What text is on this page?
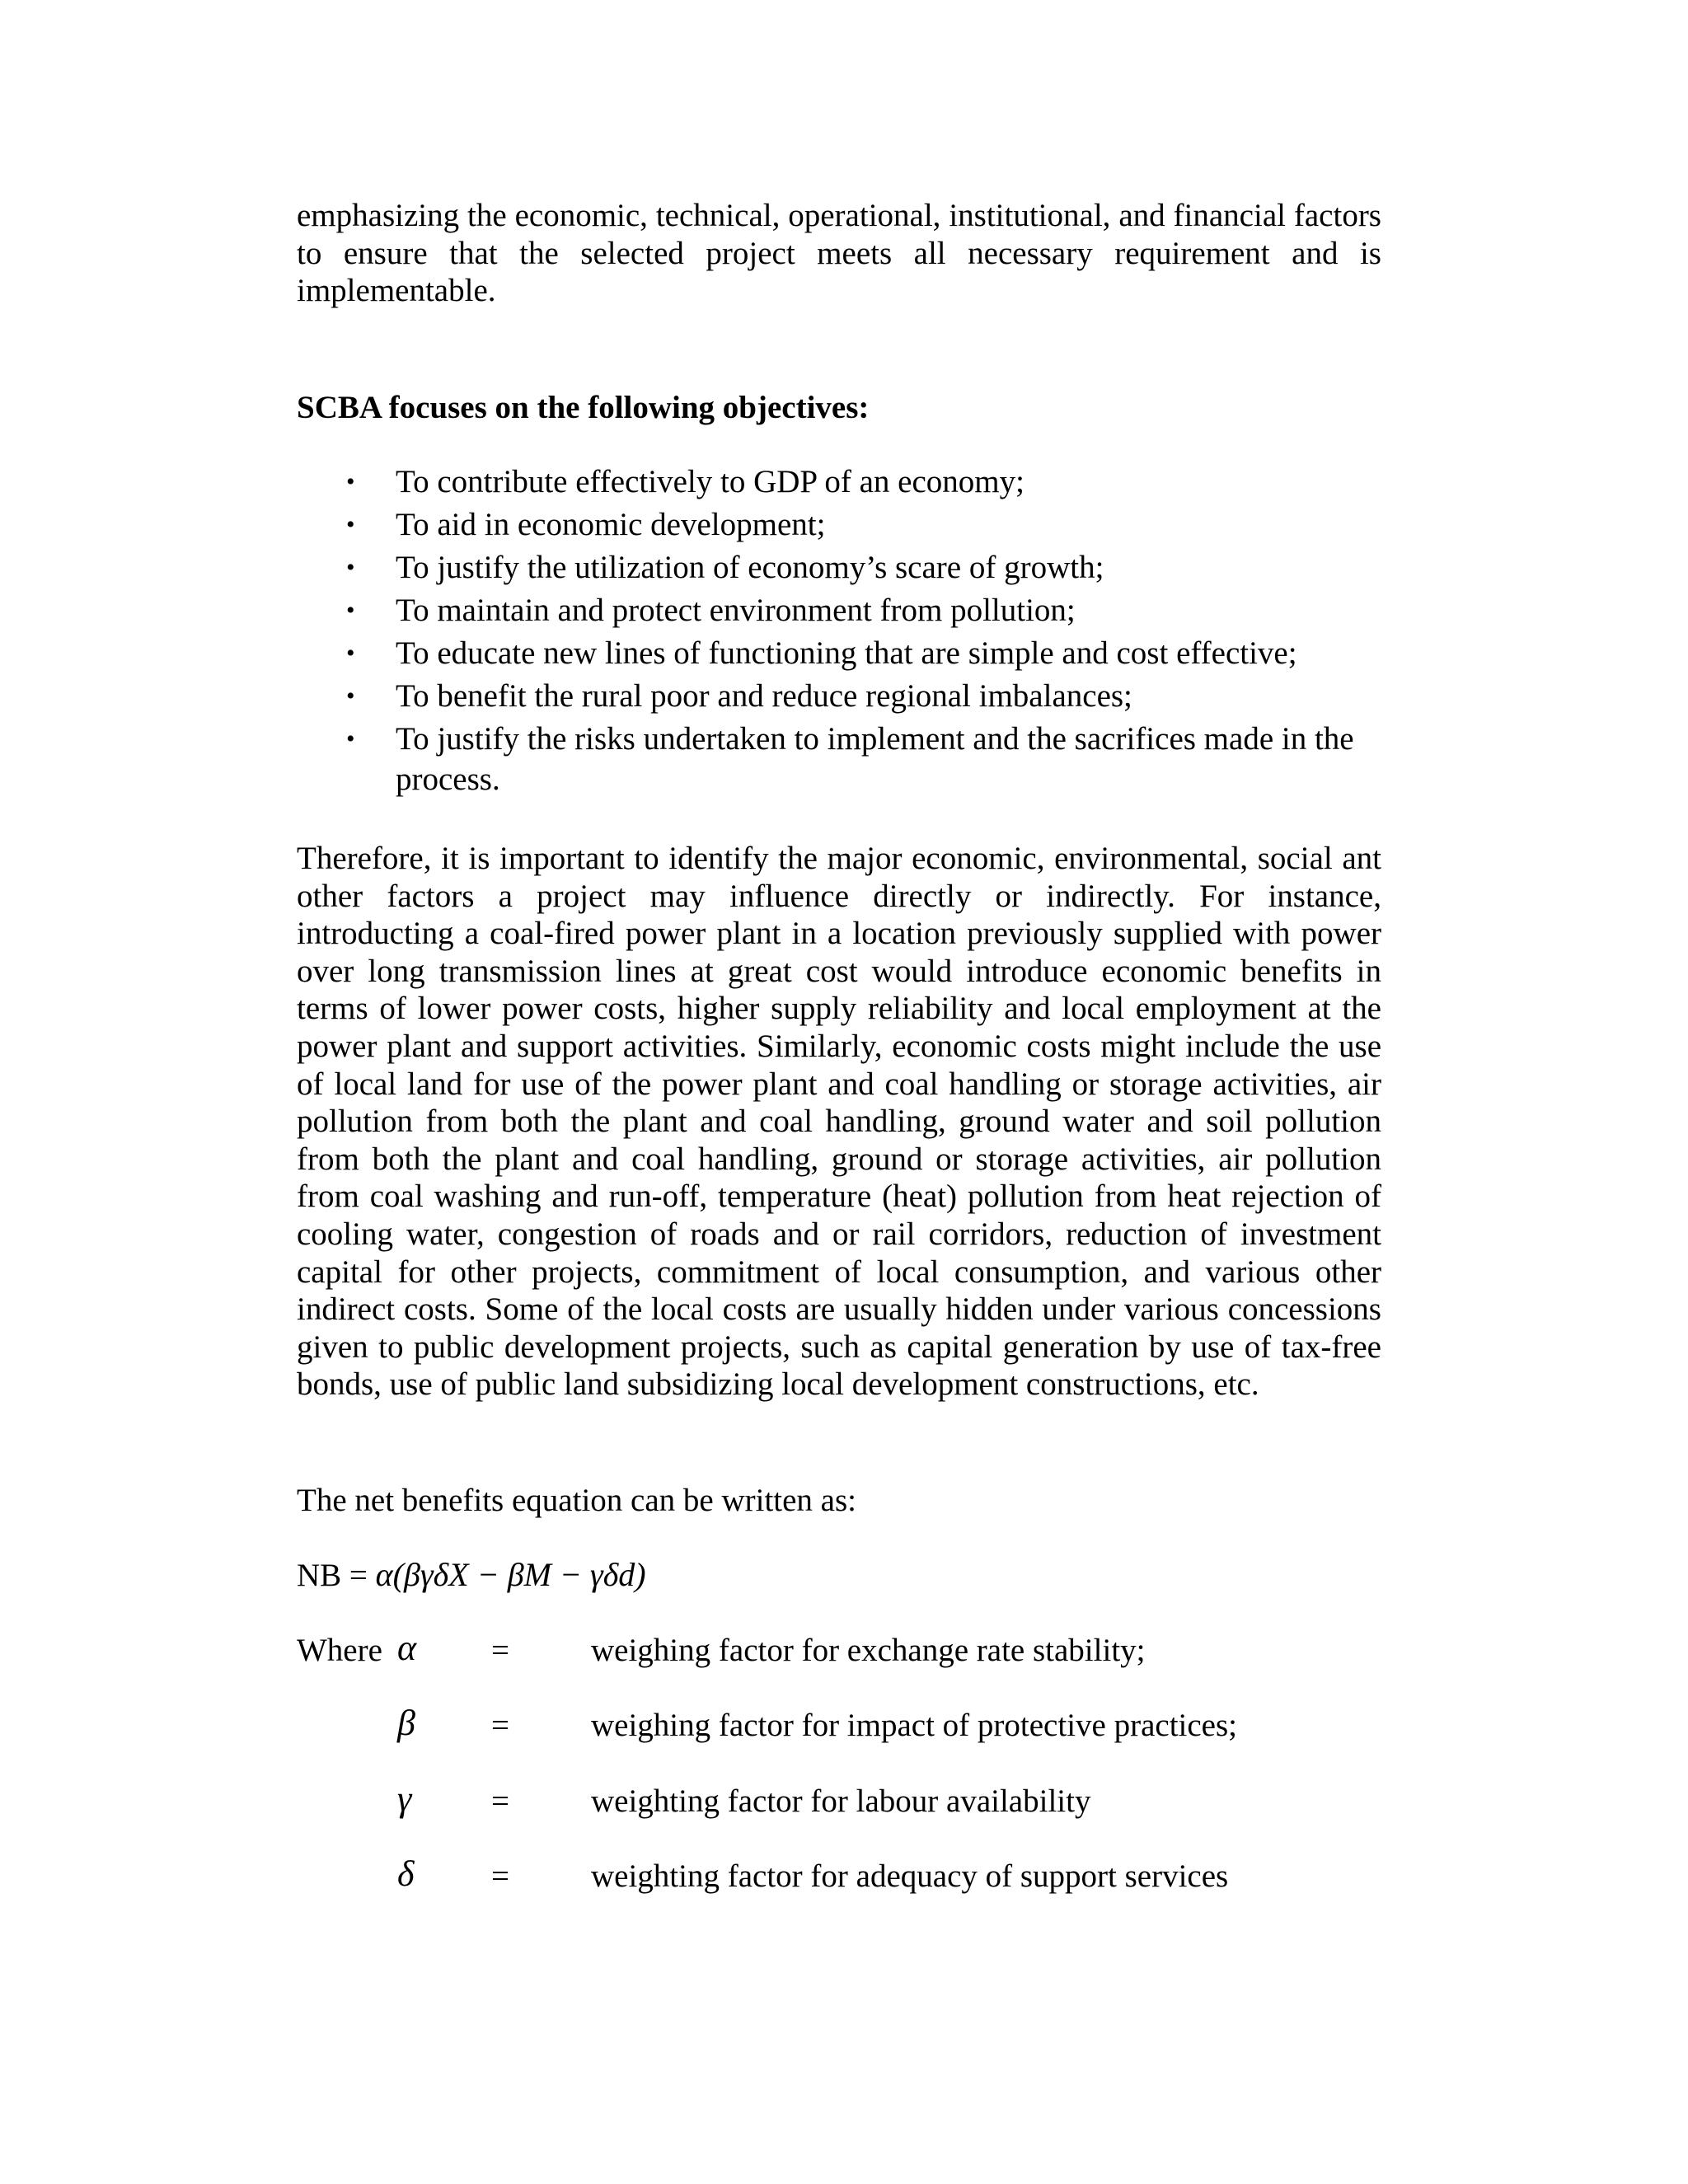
emphasizing the economic, technical, operational, institutional, and financial factors to ensure that the selected project meets all necessary requirement and is implementable.

SCBA focuses on the following objectives:

• To contribute effectively to GDP of an economy;
• To aid in economic development;
• To justify the utilization of economy’s scare of growth;
• To maintain and protect environment from pollution;
• To educate new lines of functioning that are simple and cost effective;
• To benefit the rural poor and reduce regional imbalances;
• To justify the risks undertaken to implement and the sacrifices made in the process.

Therefore, it is important to identify the major economic, environmental, social ant other factors a project may influence directly or indirectly. For instance, introducting a coal-fired power plant in a location previously supplied with power over long transmission lines at great cost would introduce economic benefits in terms of lower power costs, higher supply reliability and local employment at the power plant and support activities. Similarly, economic costs might include the use of local land for use of the power plant and coal handling or storage activities, air pollution from both the plant and coal handling, ground water and soil pollution from both the plant and coal handling, ground or storage activities, air pollution from coal washing and run-off, temperature (heat) pollution from heat rejection of cooling water, congestion of roads and or rail corridors, reduction of investment capital for other projects, commitment of local consumption, and various other indirect costs. Some of the local costs are usually hidden under various concessions given to public development projects, such as capital generation by use of tax-free bonds, use of public land subsidizing local development constructions, etc.

The net benefits equation can be written as:

NB = α(βγδX − βM − γδd)

Where α =	weighing factor for exchange rate stability;
β =	weighing factor for impact of protective practices;
γ =	weighting factor for labour availability
δ =	weighting factor for adequacy of support services
